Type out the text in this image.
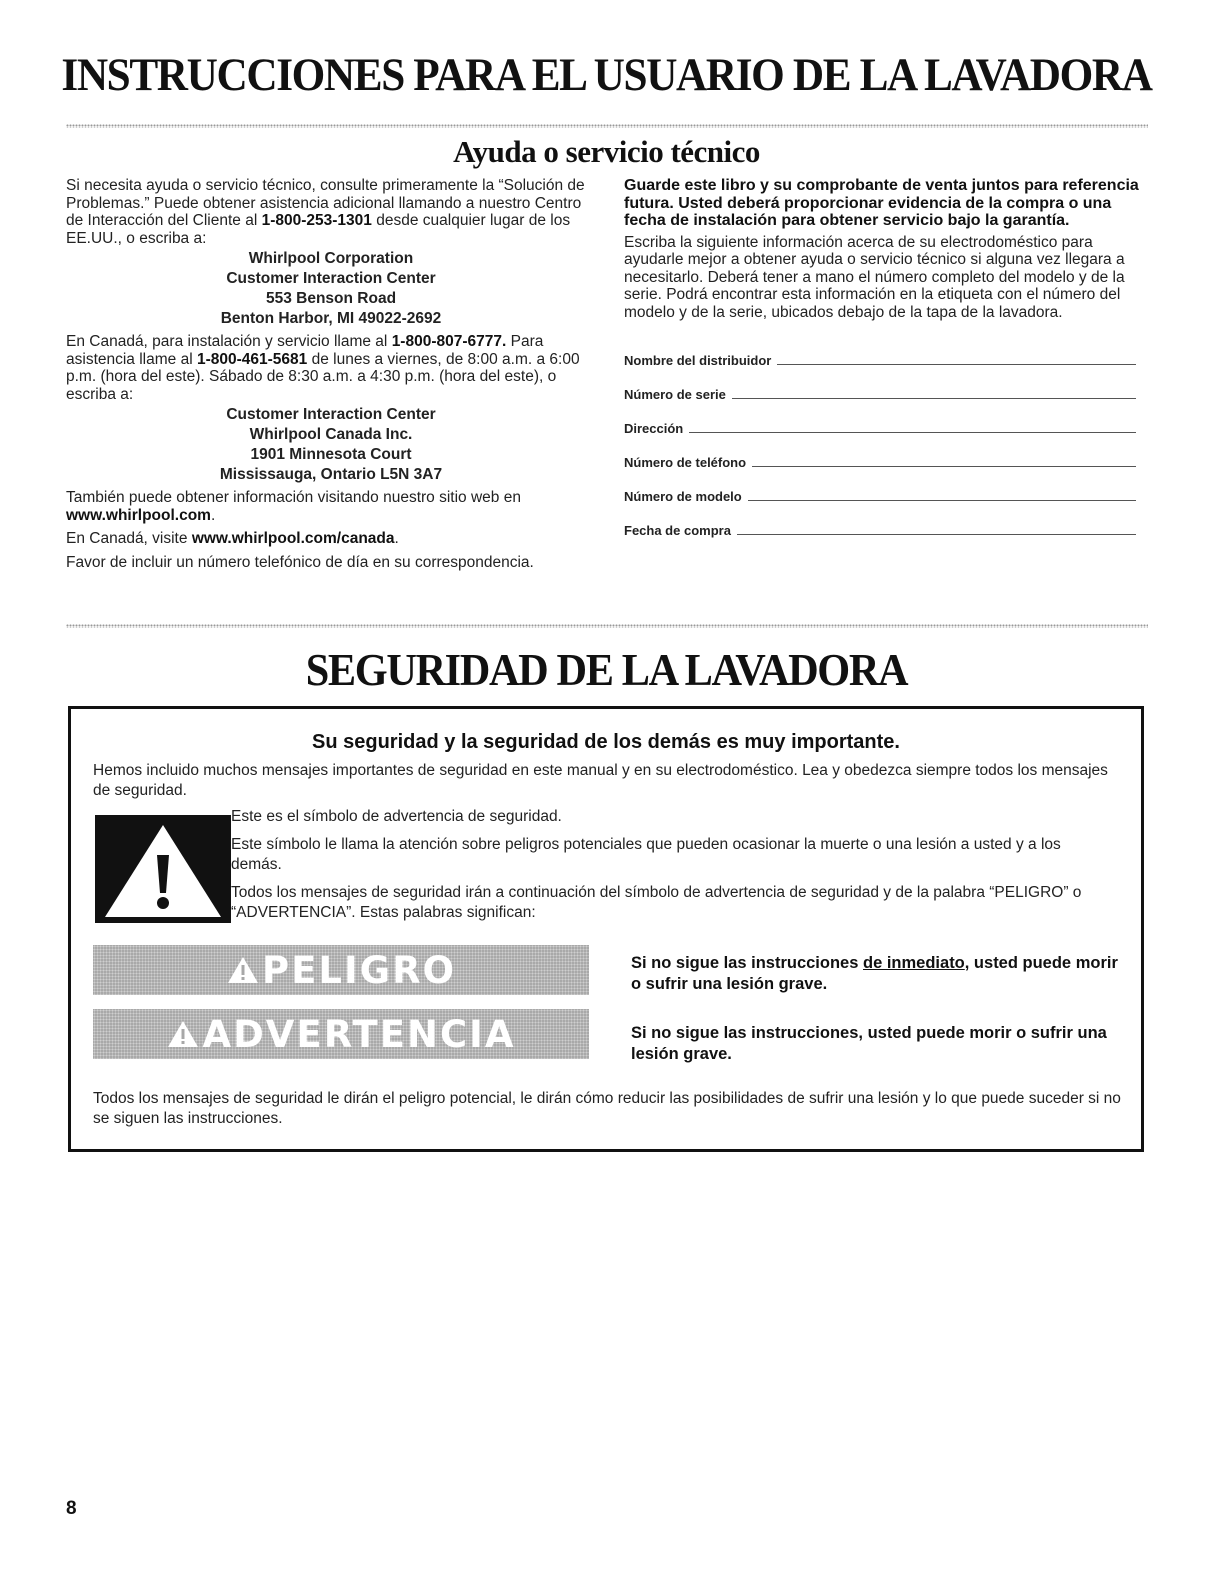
INSTRUCCIONES PARA EL USUARIO DE LA LAVADORA
Ayuda o servicio técnico

Si necesita ayuda o servicio técnico, consulte primeramente la “Solución de Problemas.” Puede obtener asistencia adicional llamando a nuestro Centro de Interacción del Cliente al 1-800-253-1301 desde cualquier lugar de los EE.UU., o escriba a:

Whirlpool Corporation
Customer Interaction Center
553 Benson Road
Benton Harbor, MI 49022-2692

En Canadá, para instalación y servicio llame al 1-800-807-6777. Para asistencia llame al 1-800-461-5681 de lunes a viernes, de 8:00 a.m. a 6:00 p.m. (hora del este). Sábado de 8:30 a.m. a 4:30 p.m. (hora del este), o escriba a:

Customer Interaction Center
Whirlpool Canada Inc.
1901 Minnesota Court
Mississauga, Ontario L5N 3A7

También puede obtener información visitando nuestro sitio web en www.whirlpool.com.

En Canadá, visite www.whirlpool.com/canada.

Favor de incluir un número telefónico de día en su correspondencia.

Guarde este libro y su comprobante de venta juntos para referencia futura. Usted deberá proporcionar evidencia de la compra o una fecha de instalación para obtener servicio bajo la garantía.

Escriba la siguiente información acerca de su electrodoméstico para ayudarle mejor a obtener ayuda o servicio técnico si alguna vez llegara a necesitarlo. Deberá tener a mano el número completo del modelo y de la serie. Podrá encontrar esta información en la etiqueta con el número del modelo y de la serie, ubicados debajo de la tapa de la lavadora.

Nombre del distribuidor
Número de serie
Dirección
Número de teléfono
Número de modelo
Fecha de compra
SEGURIDAD DE LA LAVADORA
Su seguridad y la seguridad de los demás es muy importante.

Hemos incluido muchos mensajes importantes de seguridad en este manual y en su electrodoméstico. Lea y obedezca siempre todos los mensajes de seguridad.

Este es el símbolo de advertencia de seguridad.

Este símbolo le llama la atención sobre peligros potenciales que pueden ocasionar la muerte o una lesión a usted y a los demás.

Todos los mensajes de seguridad irán a continuación del símbolo de advertencia de seguridad y de la palabra “PELIGRO” o “ADVERTENCIA”. Estas palabras significan:

PELIGRO	Si no sigue las instrucciones de inmediato, usted puede morir o sufrir una lesión grave.

ADVERTENCIA	Si no sigue las instrucciones, usted puede morir o sufrir una lesión grave.

Todos los mensajes de seguridad le dirán el peligro potencial, le dirán cómo reducir las posibilidades de sufrir una lesión y lo que puede suceder si no se siguen las instrucciones.

8
